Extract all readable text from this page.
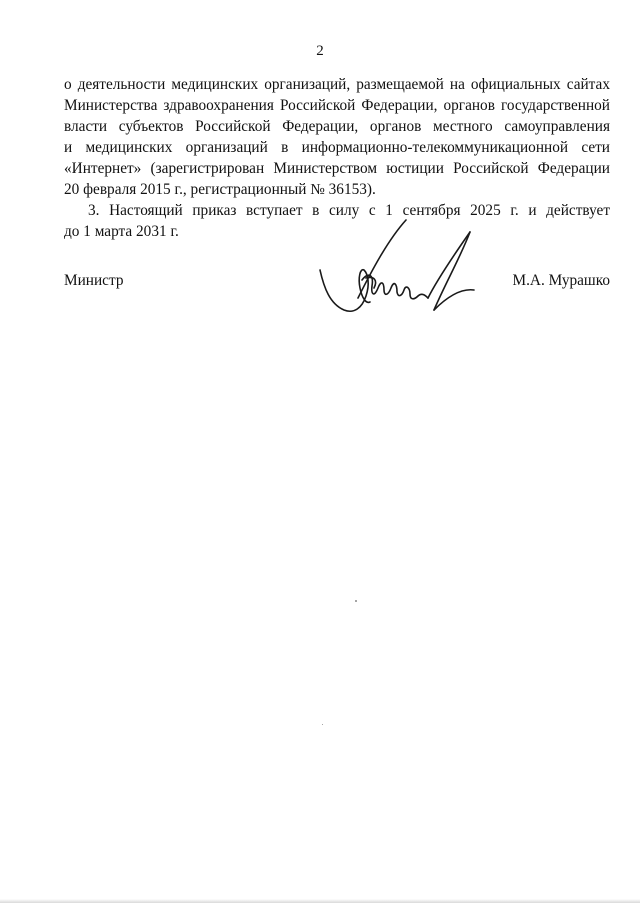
2
о деятельности медицинских организаций, размещаемой на официальных сайтах
Министерства здравоохранения Российской Федерации, органов государственной
власти субъектов Российской Федерации, органов местного самоуправления
и медицинских организаций в информационно-телекоммуникационной сети
«Интернет» (зарегистрирован Министерством юстиции Российской Федерации
20 февраля 2015 г., регистрационный № 36153).
3. Настоящий приказ вступает в силу с 1 сентября 2025 г. и действует
до 1 марта 2031 г.
Министр	М.А. Мурашко
